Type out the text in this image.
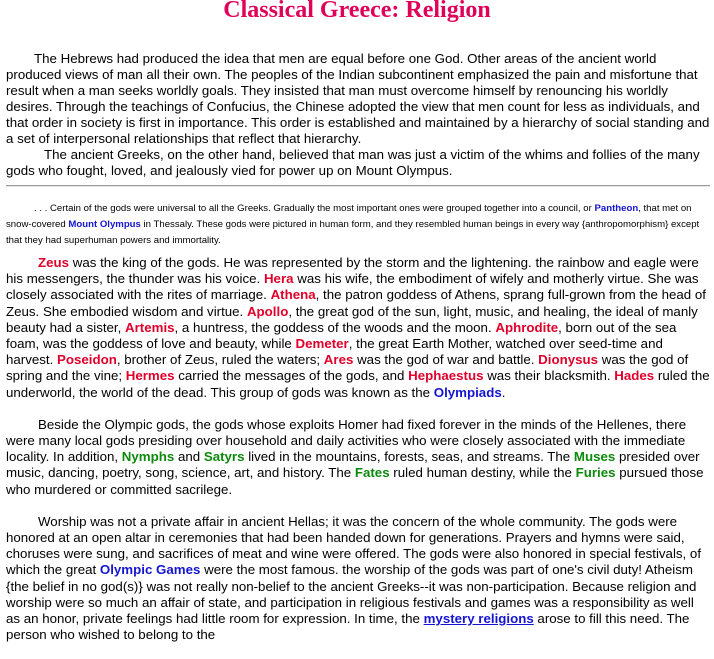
Classical Greece: Religion

The Hebrews had produced the idea that men are equal before one God. Other areas of the ancient world produced views of man all their own. The peoples of the Indian subcontinent emphasized the pain and misfortune that result when a man seeks worldly goals. They insisted that man must overcome himself by renouncing his worldly desires. Through the teachings of Confucius, the Chinese adopted the view that men count for less as individuals, and that order in society is first in importance. This order is established and maintained by a hierarchy of social standing and a set of interpersonal relationships that reflect that hierarchy.

The ancient Greeks, on the other hand, believed that man was just a victim of the whims and follies of the many gods who fought, loved, and jealously vied for power up on Mount Olympus.

. . . Certain of the gods were universal to all the Greeks. Gradually the most important ones were grouped together into a council, or Pantheon, that met on snow-covered Mount Olympus in Thessaly. These gods were pictured in human form, and they resembled human beings in every way {anthropomorphism} except that they had superhuman powers and immortality.

Zeus was the king of the gods. He was represented by the storm and the lightening. the rainbow and eagle were his messengers, the thunder was his voice. Hera was his wife, the embodiment of wifely and motherly virtue. She was closely associated with the rites of marriage. Athena, the patron goddess of Athens, sprang full-grown from the head of Zeus. She embodied wisdom and virtue. Apollo, the great god of the sun, light, music, and healing, the ideal of manly beauty had a sister, Artemis, a huntress, the goddess of the woods and the moon. Aphrodite, born out of the sea foam, was the goddess of love and beauty, while Demeter, the great Earth Mother, watched over seed-time and harvest. Poseidon, brother of Zeus, ruled the waters; Ares was the god of war and battle. Dionysus was the god of spring and the vine; Hermes carried the messages of the gods, and Hephaestus was their blacksmith. Hades ruled the underworld, the world of the dead. This group of gods was known as the Olympiads.

Beside the Olympic gods, the gods whose exploits Homer had fixed forever in the minds of the Hellenes, there were many local gods presiding over household and daily activities who were closely associated with the immediate locality. In addition, Nymphs and Satyrs lived in the mountains, forests, seas, and streams. The Muses presided over music, dancing, poetry, song, science, art, and history. The Fates ruled human destiny, while the Furies pursued those who murdered or committed sacrilege.

Worship was not a private affair in ancient Hellas; it was the concern of the whole community. The gods were honored at an open altar in ceremonies that had been handed down for generations. Prayers and hymns were said, choruses were sung, and sacrifices of meat and wine were offered. The gods were also honored in special festivals, of which the great Olympic Games were the most famous. the worship of the gods was part of one's civil duty! Atheism {the belief in no god(s)} was not really non-belief to the ancient Greeks--it was non-participation. Because religion and worship were so much an affair of state, and participation in religious festivals and games was a responsibility as well as an honor, private feelings had little room for expression. In time, the mystery religions arose to fill this need. The person who wished to belong to the
